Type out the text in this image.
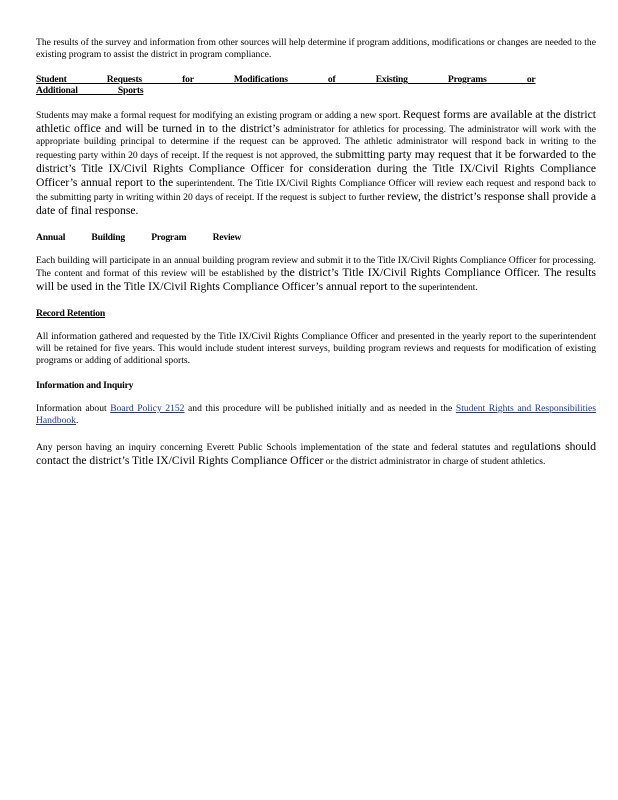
The results of the survey and information from other sources will help determine if program additions, modifications or changes are needed to the existing program to assist the district in program compliance.

Student Requests for Modifications of Existing Programs or Additional Sports

Students may make a formal request for modifying an existing program or adding a new sport. Request forms are available at the district athletic office and will be turned in to the district’s administrator for athletics for processing. The administrator will work with the appropriate building principal to determine if the request can be approved. The athletic administrator will respond back in writing to the requesting party within 20 days of receipt. If the request is not approved, the submitting party may request that it be forwarded to the district’s Title IX/Civil Rights Compliance Officer for consideration during the Title IX/Civil Rights Compliance Officer’s annual report to the superintendent. The Title IX/Civil Rights Compliance Officer will review each request and respond back to the submitting party in writing within 20 days of receipt. If the request is subject to further review, the district’s response shall provide a date of final response.

Annual Building Program Review

Each building will participate in an annual building program review and submit it to the Title IX/Civil Rights Compliance Officer for processing. The content and format of this review will be established by the district’s Title IX/Civil Rights Compliance Officer. The results will be used in the Title IX/Civil Rights Compliance Officer’s annual report to the superintendent.

Record Retention

All information gathered and requested by the Title IX/Civil Rights Compliance Officer and presented in the yearly report to the superintendent will be retained for five years. This would include student interest surveys, building program reviews and requests for modification of existing programs or adding of additional sports.

Information and Inquiry

Information about Board Policy 2152 and this procedure will be published initially and as needed in the Student Rights and Responsibilities Handbook.

Any person having an inquiry concerning Everett Public Schools implementation of the state and federal statutes and regulations should contact the district’s Title IX/Civil Rights Compliance Officer or the district administrator in charge of student athletics.
